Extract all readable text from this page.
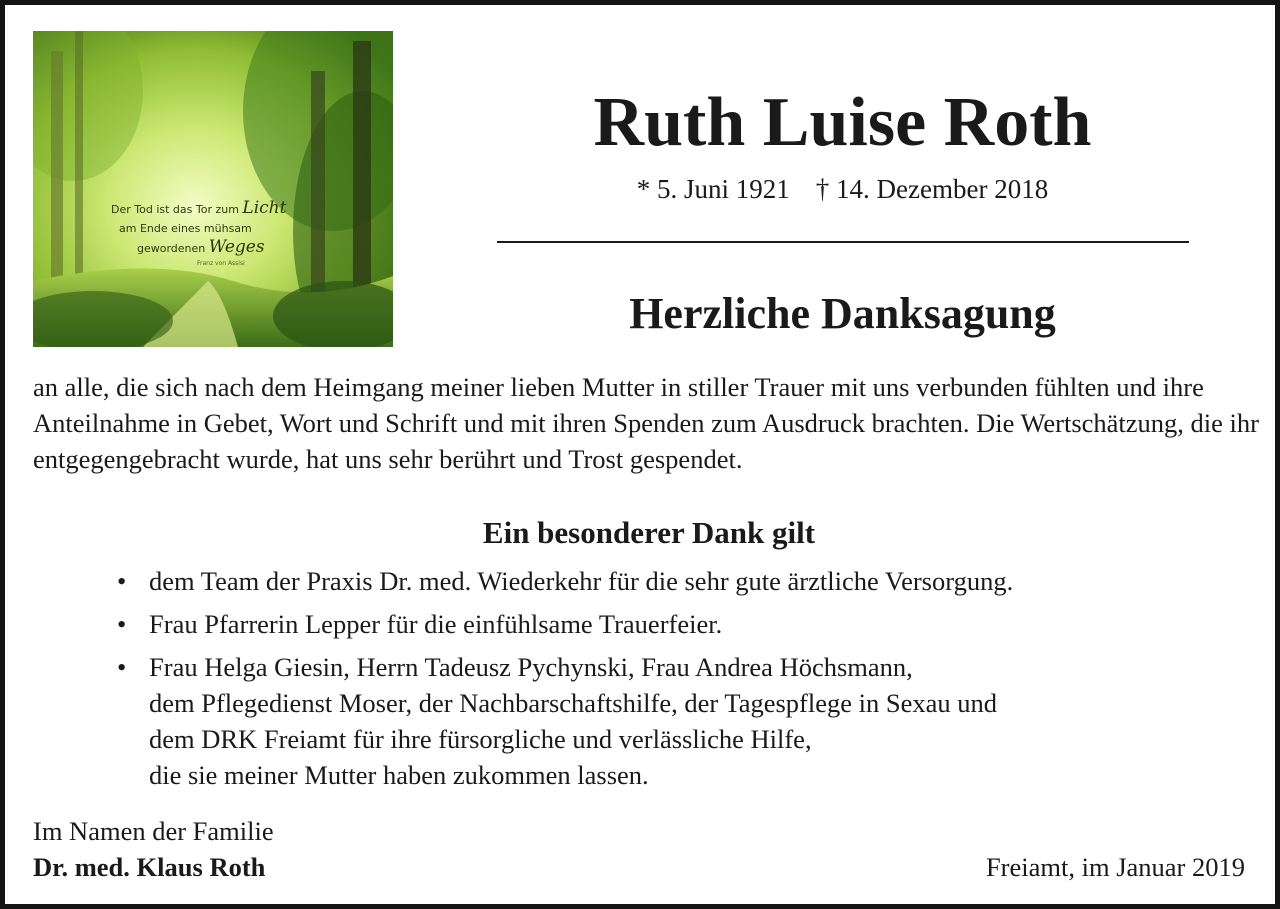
Der Tod ist das Tor zum Licht
am Ende eines mühsam
gewordenen Weges
Franz von Assisi
Ruth Luise Roth
* 5. Juni 1921 † 14. Dezember 2018
Herzliche Danksagung
an alle, die sich nach dem Heimgang meiner lieben Mutter in stiller Trauer mit uns verbunden fühlten und ihre Anteilnahme in Gebet, Wort und Schrift und mit ihren Spenden zum Ausdruck brachten. Die Wertschätzung, die ihr entgegengebracht wurde, hat uns sehr berührt und Trost gespendet.
Ein besonderer Dank gilt
• dem Team der Praxis Dr. med. Wiederkehr für die sehr gute ärztliche Versorgung.
• Frau Pfarrerin Lepper für die einfühlsame Trauerfeier.
• Frau Helga Giesin, Herrn Tadeusz Pychynski, Frau Andrea Höchsmann,
dem Pflegedienst Moser, der Nachbarschaftshilfe, der Tagespflege in Sexau und
dem DRK Freiamt für ihre fürsorgliche und verlässliche Hilfe,
die sie meiner Mutter haben zukommen lassen.
Im Namen der Familie
Dr. med. Klaus Roth	Freiamt, im Januar 2019
